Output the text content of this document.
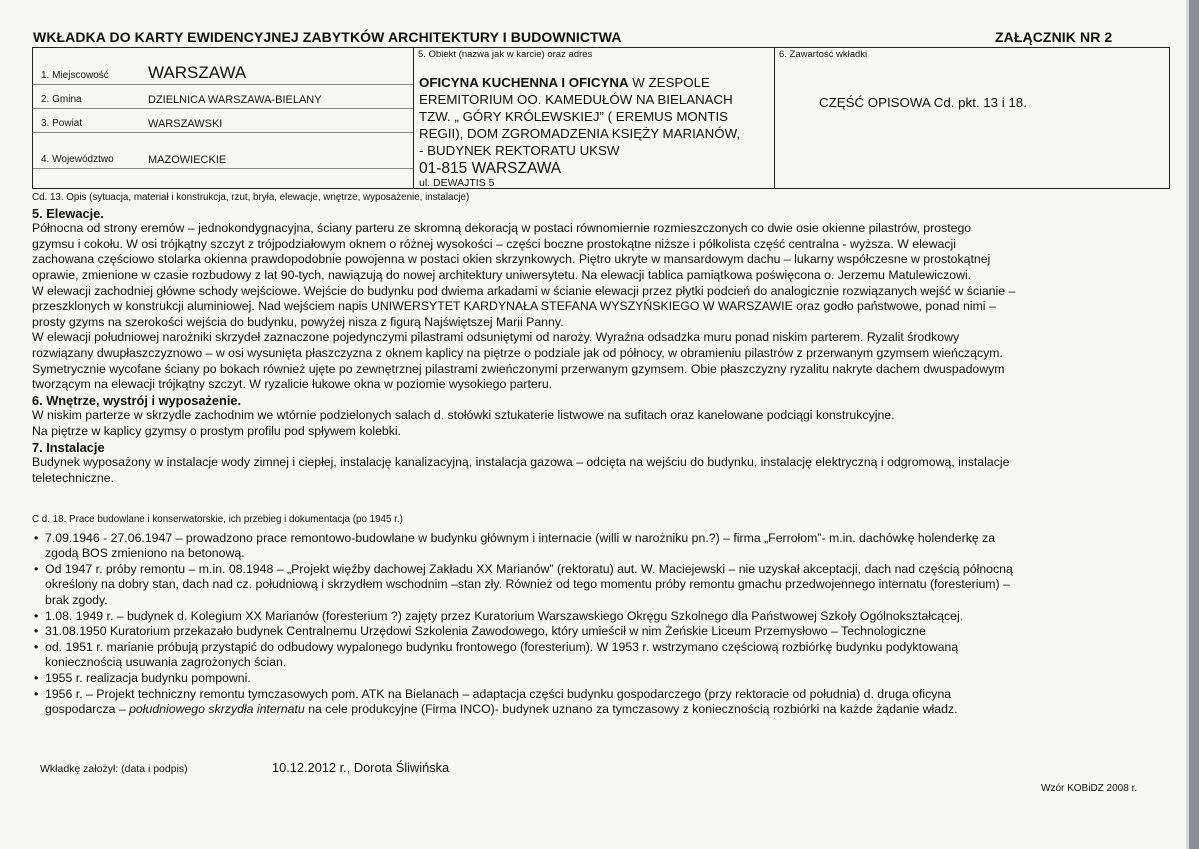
WKŁADKA DO KARTY EWIDENCYJNEJ ZABYTKÓW ARCHITEKTURY I BUDOWNICTWA	ZAŁĄCZNIK NR 2
1. Miejscowość WARSZAWA
2. Gmina	DZIELNICA WARSZAWA-BIELANY
3. Powiat	WARSZAWSKI
4. Województwo	MAZOWIECKIE
5. Obiekt (nazwa jak w karcie) oraz adres
OFICYNA KUCHENNA I OFICYNA W ZESPOLE
EREMITORIUM OO. KAMEDUŁÓW NA BIELANACH
TZW. „ GÓRY KRÓLEWSKIEJ” ( EREMUS MONTIS
REGII), DOM ZGROMADZENIA KSIĘŻY MARIANÓW,
- BUDYNEK REKTORATU UKSW
01-815 WARSZAWA
ul. DEWAJTIS 5
6. Zawartość wkładki
CZĘŚĆ OPISOWA Cd. pkt. 13 i 18.
Cd. 13. Opis (sytuacja, materiał i konstrukcja, rzut, bryła, elewacje, wnętrze, wyposażenie, instalacje)
5. Elewacje.

Północna od strony eremów – jednokondygnacyjna, ściany parteru ze skromną dekoracją w postaci równomiernie rozmieszczonych co dwie osie okienne pilastrów, prostego

gzymsu i cokołu. W osi trójkątny szczyt z trójpodziałowym oknem o różnej wysokości – części boczne prostokątne niższe i półkolista część centralna - wyższa. W elewacji

zachowana częściowo stolarka okienna prawdopodobnie powojenna w postaci okien skrzynkowych. Piętro ukryte w mansardowym dachu – lukarny współczesne w prostokątnej

oprawie, zmienione w czasie rozbudowy z lat 90-tych, nawiązują do nowej architektury uniwersytetu. Na elewacji tablica pamiątkowa poświęcona o. Jerzemu Matulewiczowi.

W elewacji zachodniej główne schody wejściowe. Wejście do budynku pod dwiema arkadami w ścianie elewacji przez płytki podcień do analogicznie rozwiązanych wejść w ścianie –

przeszklonych w konstrukcji aluminiowej. Nad wejściem napis UNIWERSYTET KARDYNAŁA STEFANA WYSZYŃSKIEGO W WARSZAWIE oraz godło państwowe, ponad nimi –

prosty gzyms na szerokości wejścia do budynku, powyżej nisza z figurą Najświętszej Marii Panny.

W elewacji południowej narożniki skrzydeł zaznaczone pojedynczymi pilastrami odsuniętymi od naroży. Wyraźna odsadzka muru ponad niskim parterem. Ryzalit środkowy

rozwiązany dwupłaszczyznowo – w osi wysunięta płaszczyzna z oknem kaplicy na piętrze o podziale jak od północy, w obramieniu pilastrów z przerwanym gzymsem wieńczącym.

Symetrycznie wycofane ściany po bokach również ujęte po zewnętrznej pilastrami zwieńczonymi przerwanym gzymsem. Obie płaszczyzny ryzalitu nakryte dachem dwuspadowym

tworzącym na elewacji trójkątny szczyt. W ryzalicie łukowe okna w poziomie wysokiego parteru.

6. Wnętrze, wystrój i wyposażenie.

W niskim parterze w skrzydle zachodnim we wtórnie podzielonych salach d. stołówki sztukaterie listwowe na sufitach oraz kanelowane podciągi konstrukcyjne.

Na piętrze w kaplicy gzymsy o prostym profilu pod spływem kolebki.

7. Instalacje

Budynek wyposażony w instalacje wody zimnej i ciepłej, instalację kanalizacyjną, instalacja gazowa – odcięta na wejściu do budynku, instalację elektryczną i odgromową, instalacje

teletechniczne.

C d. 18. Prace budowlane i konserwatorskie, ich przebieg i dokumentacja (po 1945 r.)
• 7.09.1946 - 27.06.1947 – prowadzono prace remontowo-budowlane w budynku głównym i internacie (willi w narożniku pn.?) – firma „Ferrołom”- m.in. dachówkę holenderkę za

zgodą BOS zmieniono na betonową.

• Od 1947 r. próby remontu – m.in. 08.1948 – „Projekt więźby dachowej Zakładu XX Marianów” (rektoratu) aut. W. Maciejewski – nie uzyskał akceptacji, dach nad częścią północną

określony na dobry stan, dach nad cz. południową i skrzydłem wschodnim –stan zły. Również od tego momentu próby remontu gmachu przedwojennego internatu (foresterium) –

brak zgody.

• 1.08. 1949 r. – budynek d. Kolegium XX Marianów (foresterium ?) zajęty przez Kuratorium Warszawskiego Okręgu Szkolnego dla Państwowej Szkoły Ogólnokształcącej.

• 31.08.1950 Kuratorium przekazało budynek Centralnemu Urzędowi Szkolenia Zawodowego, który umieścił w nim Żeńskie Liceum Przemysłowo – Technologiczne

• od. 1951 r. marianie próbują przystąpić do odbudowy wypalonego budynku frontowego (foresterium). W 1953 r. wstrzymano częściową rozbiórkę budynku podyktowaną

koniecznością usuwania zagrożonych ścian.

• 1955 r. realizacja budynku pompowni.

• 1956 r. – Projekt techniczny remontu tymczasowych pom. ATK na Bielanach – adaptacja części budynku gospodarczego (przy rektoracie od południa) d. druga oficyna

gospodarcza – południowego skrzydła internatu na cele produkcyjne (Firma INCO)- budynek uznano za tymczasowy z koniecznością rozbiórki na każde żądanie władz.

Wkładkę założył: (data i podpis)	10.12.2012 r., Dorota Śliwińska
Wzór KOBiDZ 2008 r.
